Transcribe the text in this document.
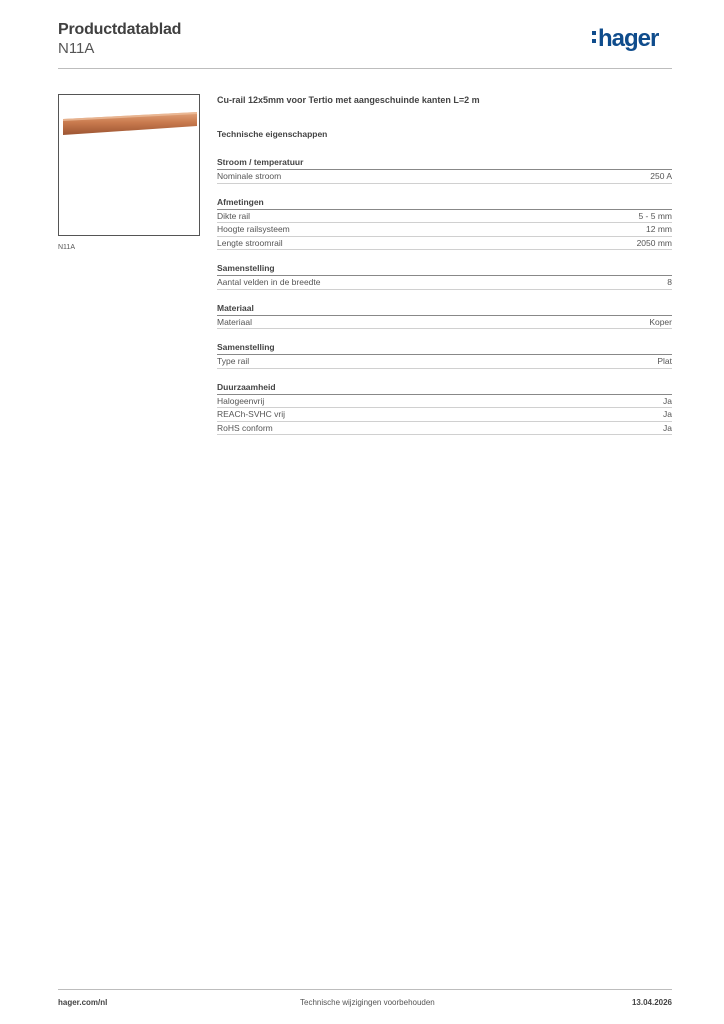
Productdatablad
N11A	hager
N11A
Cu-rail 12x5mm voor Tertio met aangeschuinde kanten L=2 m
Technische eigenschappen
Stroom / temperatuur
Nominale stroom	250 A
Afmetingen
Dikte rail	5 - 5 mm
Hoogte railsysteem	12 mm
Lengte stroomrail	2050 mm
Samenstelling
Aantal velden in de breedte	8
Materiaal
Materiaal	Koper
Samenstelling
Type rail	Plat
Duurzaamheid
Halogeenvrij	Ja
REACh-SVHC vrij	Ja
RoHS conform	Ja
hager.com/nl	Technische wijzigingen voorbehouden	13.04.2026
